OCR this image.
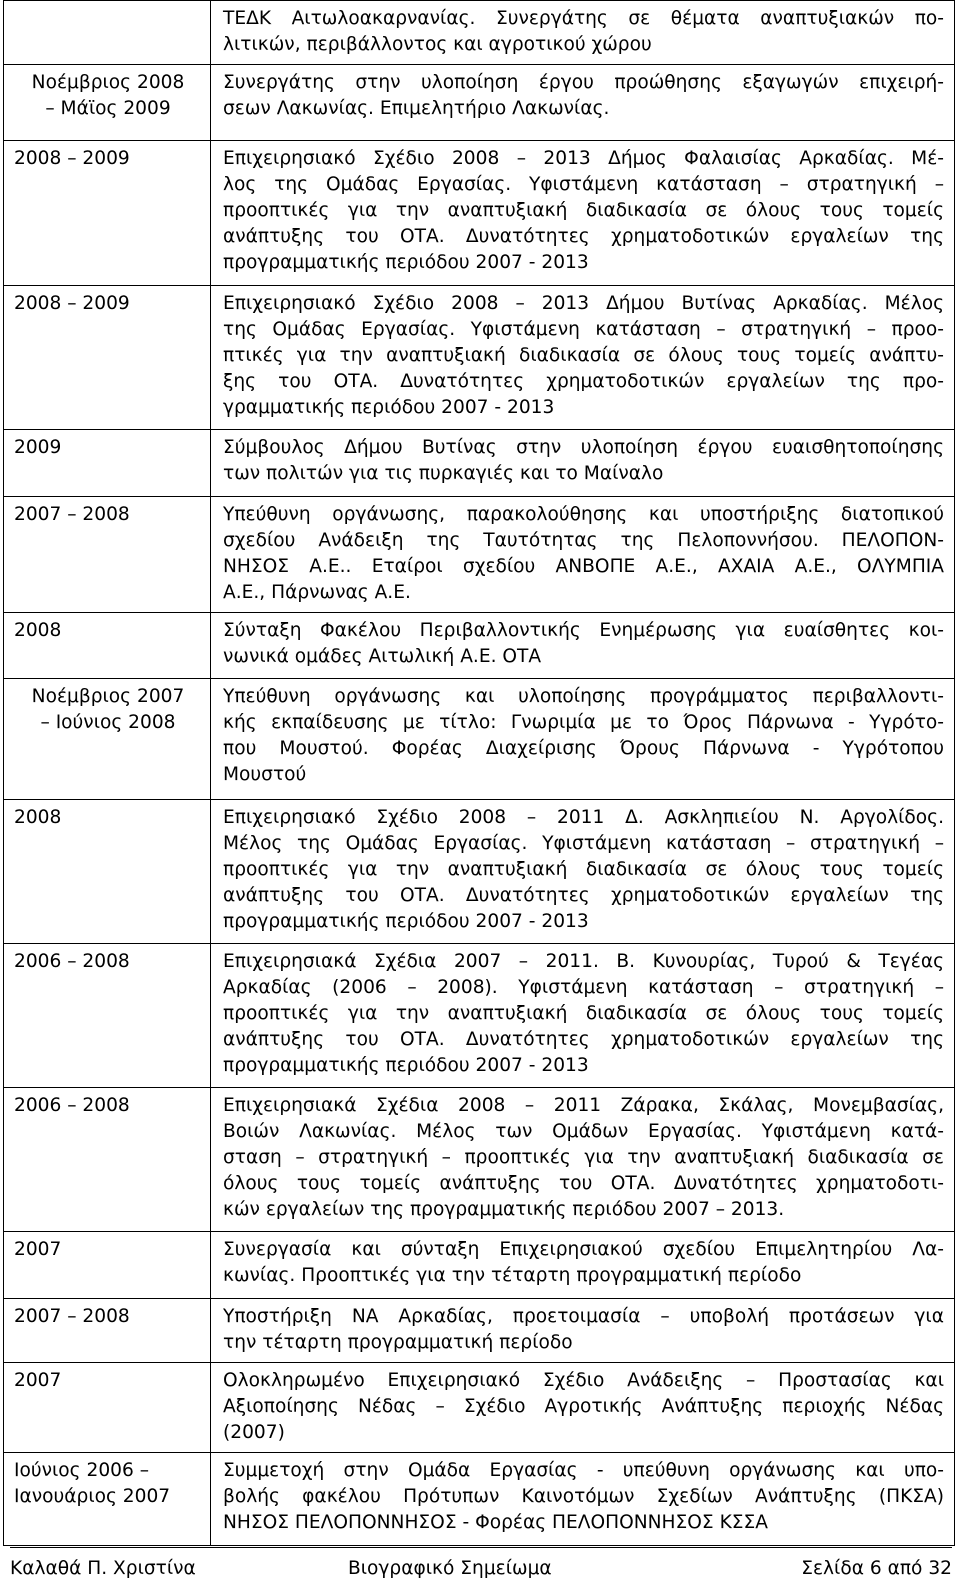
	ΤΕΔΚ Αιτωλοακαρνανίας. Συνεργάτης σε θέματα αναπτυξιακών πο-
λιτικών, περιβάλλοντος και αγροτικού χώρου

Νοέμβριος 2008
– Μάϊος 2009	Συνεργάτης στην υλοποίηση έργου προώθησης εξαγωγών επιχειρή-
σεων Λακωνίας. Επιμελητήριο Λακωνίας.

2008 – 2009	Επιχειρησιακό Σχέδιο 2008 – 2013 Δήμος Φαλαισίας Αρκαδίας. Μέ-
λος της Ομάδας Εργασίας. Υφιστάμενη κατάσταση – στρατηγική –
προοπτικές για την αναπτυξιακή διαδικασία σε όλους τους τομείς
ανάπτυξης του ΟΤΑ. Δυνατότητες χρηματοδοτικών εργαλείων της
προγραμματικής περιόδου 2007 - 2013

2008 – 2009	Επιχειρησιακό Σχέδιο 2008 – 2013 Δήμου Βυτίνας Αρκαδίας. Μέλος
της Ομάδας Εργασίας. Υφιστάμενη κατάσταση – στρατηγική – προο-
πτικές για την αναπτυξιακή διαδικασία σε όλους τους τομείς ανάπτυ-
ξης του ΟΤΑ. Δυνατότητες χρηματοδοτικών εργαλείων της προ-
γραμματικής περιόδου 2007 - 2013

2009	Σύμβουλος Δήμου Βυτίνας στην υλοποίηση έργου ευαισθητοποίησης
των πολιτών για τις πυρκαγιές και το Μαίναλο

2007 – 2008	Υπεύθυνη οργάνωσης, παρακολούθησης και υποστήριξης διατοπικού
σχεδίου Ανάδειξη της Ταυτότητας της Πελοποννήσου. ΠΕΛΟΠΟΝ-
ΝΗΣΟΣ Α.Ε.. Εταίροι σχεδίου ΑΝΒΟΠΕ Α.Ε., ΑΧΑΙΑ Α.Ε., ΟΛΥΜΠΙΑ
Α.Ε., Πάρνωνας Α.Ε.

2008	Σύνταξη Φακέλου Περιβαλλοντικής Ενημέρωσης για ευαίσθητες κοι-
νωνικά ομάδες Αιτωλική Α.Ε. ΟΤΑ

Νοέμβριος 2007
– Ιούνιος 2008	Υπεύθυνη οργάνωσης και υλοποίησης προγράμματος περιβαλλοντι-
κής εκπαίδευσης με τίτλο: Γνωριμία με το Όρος Πάρνωνα - Υγρότο-
που Μουστού. Φορέας Διαχείρισης Όρους Πάρνωνα - Υγρότοπου
Μουστού

2008	Επιχειρησιακό Σχέδιο 2008 – 2011 Δ. Ασκληπιείου Ν. Αργολίδος.
Μέλος της Ομάδας Εργασίας. Υφιστάμενη κατάσταση – στρατηγική –
προοπτικές για την αναπτυξιακή διαδικασία σε όλους τους τομείς
ανάπτυξης του ΟΤΑ. Δυνατότητες χρηματοδοτικών εργαλείων της
προγραμματικής περιόδου 2007 - 2013

2006 – 2008	Επιχειρησιακά Σχέδια 2007 – 2011. Β. Κυνουρίας, Τυρού & Τεγέας
Αρκαδίας (2006 – 2008). Υφιστάμενη κατάσταση – στρατηγική –
προοπτικές για την αναπτυξιακή διαδικασία σε όλους τους τομείς
ανάπτυξης του ΟΤΑ. Δυνατότητες χρηματοδοτικών εργαλείων της
προγραμματικής περιόδου 2007 - 2013

2006 – 2008	Επιχειρησιακά Σχέδια 2008 – 2011 Ζάρακα, Σκάλας, Μονεμβασίας,
Βοιών Λακωνίας. Μέλος των Ομάδων Εργασίας. Υφιστάμενη κατά-
σταση – στρατηγική – προοπτικές για την αναπτυξιακή διαδικασία σε
όλους τους τομείς ανάπτυξης του ΟΤΑ. Δυνατότητες χρηματοδοτι-
κών εργαλείων της προγραμματικής περιόδου 2007 – 2013.

2007	Συνεργασία και σύνταξη Επιχειρησιακού σχεδίου Επιμελητηρίου Λα-
κωνίας. Προοπτικές για την τέταρτη προγραμματική περίοδο

2007 – 2008	Υποστήριξη ΝΑ Αρκαδίας, προετοιμασία – υποβολή προτάσεων για
την τέταρτη προγραμματική περίοδο

2007	Ολοκληρωμένο Επιχειρησιακό Σχέδιο Ανάδειξης – Προστασίας και
Αξιοποίησης Νέδας – Σχέδιο Αγροτικής Ανάπτυξης περιοχής Νέδας
(2007)

Ιούνιος 2006 –
Ιανουάριος 2007	Συμμετοχή στην Ομάδα Εργασίας - υπεύθυνη οργάνωσης και υπο-
βολής φακέλου Πρότυπων Καινοτόμων Σχεδίων Ανάπτυξης (ΠΚΣΑ)
ΝΗΣΟΣ ΠΕΛΟΠΟΝΝΗΣΟΣ - Φορέας ΠΕΛΟΠΟΝΝΗΣΟΣ ΚΣΣΑ
Καλαθά Π. Χριστίνα	Βιογραφικό Σημείωμα	Σελίδα 6 από 32
